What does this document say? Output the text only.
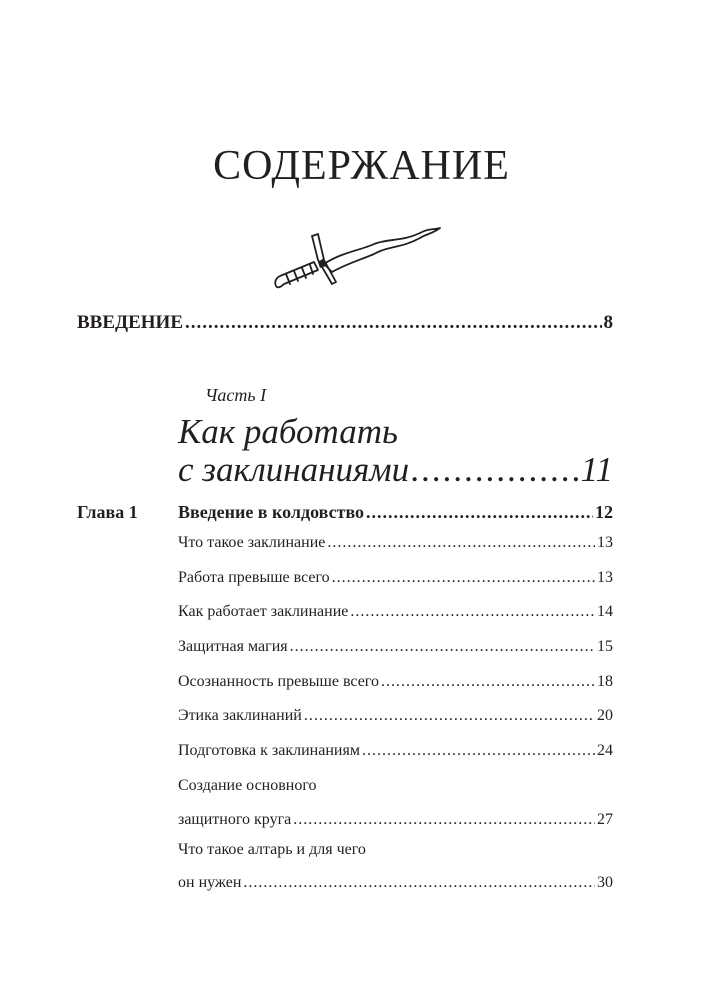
СОДЕРЖАНИЕ
ВВЕДЕНИЕ .....	8
Часть I
Как работать
с заклинаниями .....	11
Глава 1 Введение в колдовство .....	12
Что такое заклинание .....	13
Работа превыше всего .....	13
Как работает заклинание .....	14
Защитная магия .....	15
Осознанность превыше всего .....	18
Этика заклинаний .....	20
Подготовка к заклинаниям .....	24
Создание основного
защитного круга .....	27
Что такое алтарь и для чего
он нужен .....	30
